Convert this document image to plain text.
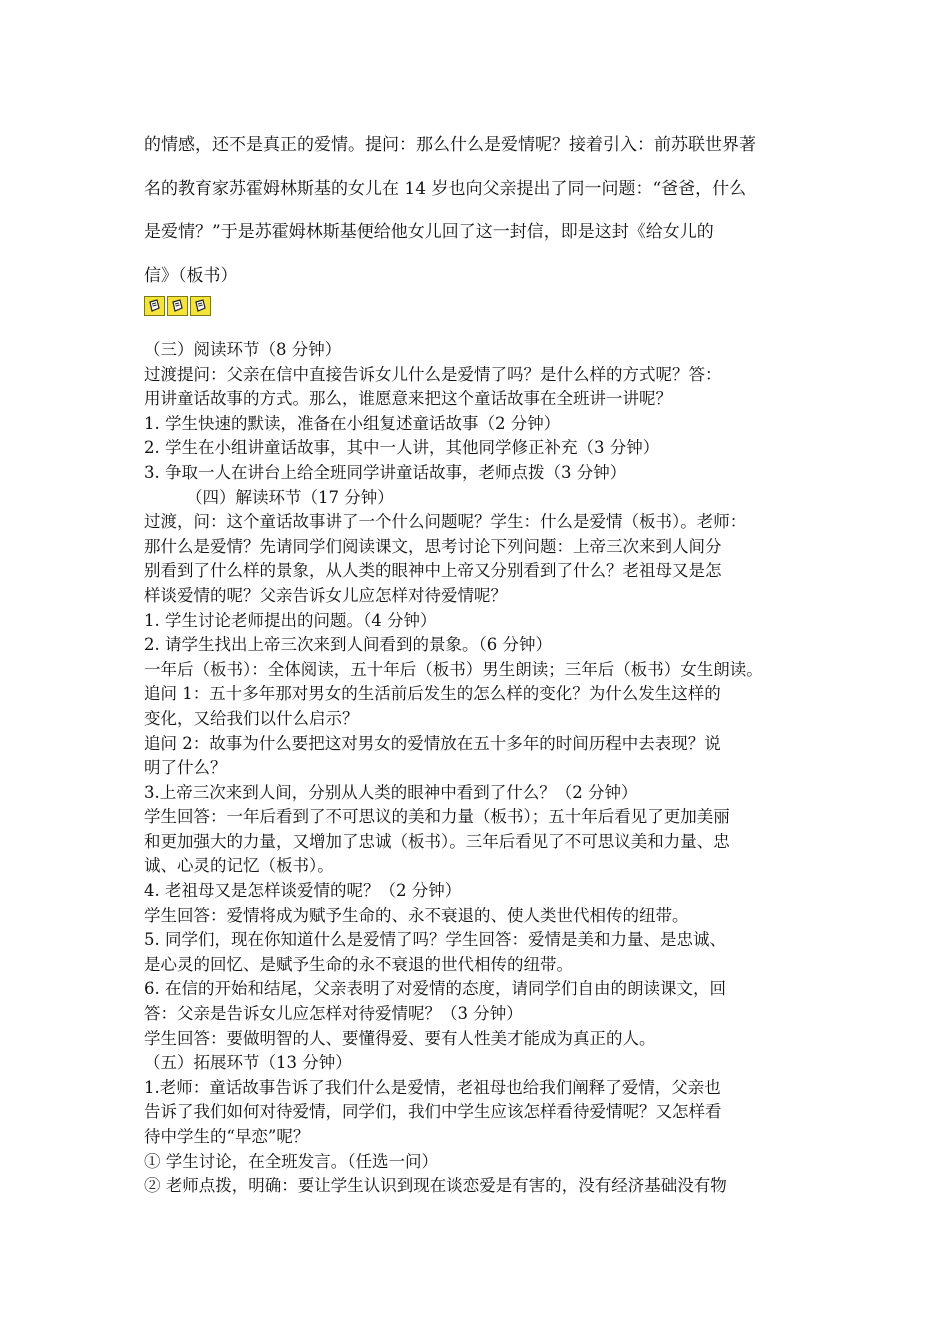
的情感，还不是真正的爱情。提问：那么什么是爱情呢？接着引入：前苏联世界著
名的教育家苏霍姆林斯基的女儿在 14 岁也向父亲提出了同一问题：“爸爸，什么
是爱情？”于是苏霍姆林斯基便给他女儿回了这一封信，即是这封《给女儿的
信》（板书）
（三）阅读环节（8 分钟）
过渡提问：父亲在信中直接告诉女儿什么是爱情了吗？是什么样的方式呢？答：
用讲童话故事的方式。那么，谁愿意来把这个童话故事在全班讲一讲呢？
1. 学生快速的默读，准备在小组复述童话故事（2 分钟）
2. 学生在小组讲童话故事，其中一人讲，其他同学修正补充（3 分钟）
3. 争取一人在讲台上给全班同学讲童话故事，老师点拨（3 分钟）
（四）解读环节（17 分钟）
过渡，问：这个童话故事讲了一个什么问题呢？学生：什么是爱情（板书）。老师：
那什么是爱情？先请同学们阅读课文，思考讨论下列问题：上帝三次来到人间分
别看到了什么样的景象，从人类的眼神中上帝又分别看到了什么？老祖母又是怎
样谈爱情的呢？父亲告诉女儿应怎样对待爱情呢？
1. 学生讨论老师提出的问题。（4 分钟）
2. 请学生找出上帝三次来到人间看到的景象。（6 分钟）
一年后（板书）：全体阅读，五十年后（板书）男生朗读；三年后（板书）女生朗读。
追问 1：五十多年那对男女的生活前后发生的怎么样的变化？为什么发生这样的
变化，又给我们以什么启示？
追问 2：故事为什么要把这对男女的爱情放在五十多年的时间历程中去表现？说
明了什么？
3.上帝三次来到人间，分别从人类的眼神中看到了什么？（2 分钟）
学生回答：一年后看到了不可思议的美和力量（板书）；五十年后看见了更加美丽
和更加强大的力量，又增加了忠诚（板书）。三年后看见了不可思议美和力量、忠
诚、心灵的记忆（板书）。
4. 老祖母又是怎样谈爱情的呢？（2 分钟）
学生回答：爱情将成为赋予生命的、永不衰退的、使人类世代相传的纽带。
5. 同学们，现在你知道什么是爱情了吗？学生回答：爱情是美和力量、是忠诚、
是心灵的回忆、是赋予生命的永不衰退的世代相传的纽带。
6. 在信的开始和结尾，父亲表明了对爱情的态度，请同学们自由的朗读课文，回
答：父亲是告诉女儿应怎样对待爱情呢？（3 分钟）
学生回答：要做明智的人、要懂得爱、要有人性美才能成为真正的人。
（五）拓展环节（13 分钟）
1.老师：童话故事告诉了我们什么是爱情，老祖母也给我们阐释了爱情，父亲也
告诉了我们如何对待爱情，同学们，我们中学生应该怎样看待爱情呢？又怎样看
待中学生的“早恋”呢？
① 学生讨论，在全班发言。（任选一问）
② 老师点拨，明确：要让学生认识到现在谈恋爱是有害的，没有经济基础没有物
